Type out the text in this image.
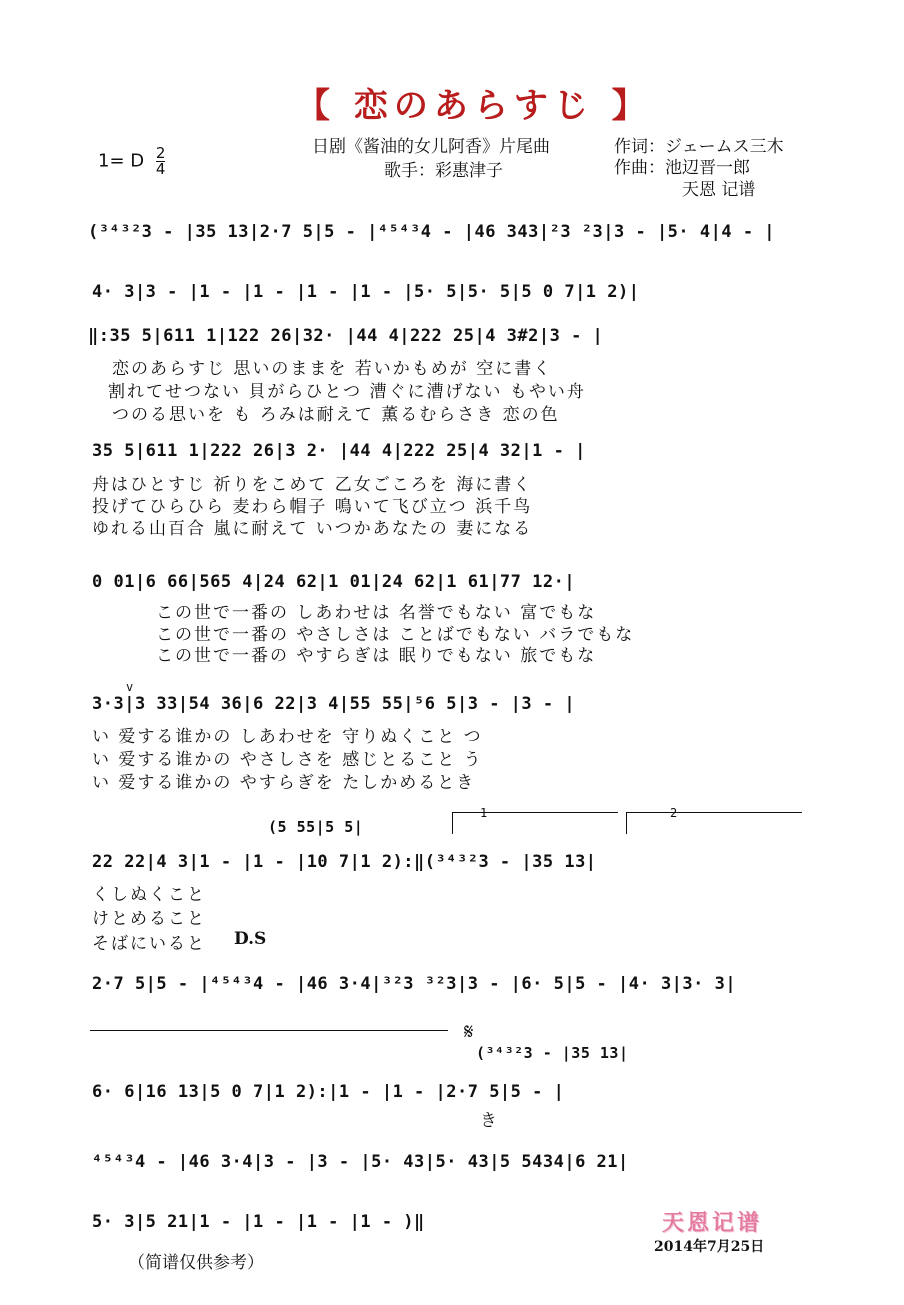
【 恋のあらすじ 】
1= D $\frac{2}{4}$	日剧《酱油的女儿阿香》片尾曲
歌手：彩惠津子
作词：ジェームス三木
作曲：池辺晋一郎
天恩 记谱
(³⁴³²3 - |35 13|2·7 5|5 - |⁴⁵⁴³4 - |46 343|²3 ²3|3 - |5· 4|4 - |
4· 3|3 - |1 - |1 - |1 - |1 - |5· 5|5· 5|5 0 7|1 2)|
‖:35 5|611 1|122 26|32· |44 4|222 25|4 3#2|3 - |
恋のあらすじ 思いのままを 若いかもめが 空に書く
割れてせつない 貝がらひとつ 漕ぐに漕げない もやい舟
つのる思いを も ろみは耐えて 薫るむらさき 恋の色
35 5|611 1|222 26|3 2· |44 4|222 25|4 32|1 - |
舟はひとすじ 祈りをこめて 乙女ごころを 海に書く
投げてひらひら 麦わら帽子 鳴いて飞び立つ 浜千鸟
ゆれる山百合 嵐に耐えて いつかあなたの 妻になる
0 01|6 66|565 4|24 62|1 01|24 62|1 61|77 12·|
この世で一番の しあわせは 名誉でもない 富でもな
この世で一番の やさしさは ことばでもない バラでもな
この世で一番の やすらぎは 眠りでもない 旅でもな
v
3·3|3 33|54 36|6 22|3 4|55 55|⁵6 5|3 - |3 - |
い 爱する谁かの しあわせを 守りぬくこと つ
い 爱する谁かの やさしさを 感じとること う
い 爱する谁かの やすらぎを たしかめるとき
(5 55|5 5|
1	2
22 22|4 3|1 - |1 - |10 7|1 2):‖(³⁴³²3 - |35 13|
くしぬくこと
けとめること
そばにいると D.S
2·7 5|5 - |⁴⁵⁴³4 - |46 3·4|³²3 ³²3|3 - |6· 5|5 - |4· 3|3· 3|
𝄋
(³⁴³²3 - |35 13|
6· 6|16 13|5 0 7|1 2):|1 - |1 - |2·7 5|5 - |
き
⁴⁵⁴³4 - |46 3·4|3 - |3 - |5· 43|5· 43|5 5434|6 21|
5· 3|5 21|1 - |1 - |1 - |1 - )‖
（简谱仅供参考）
天恩记谱
2014年7月25日
